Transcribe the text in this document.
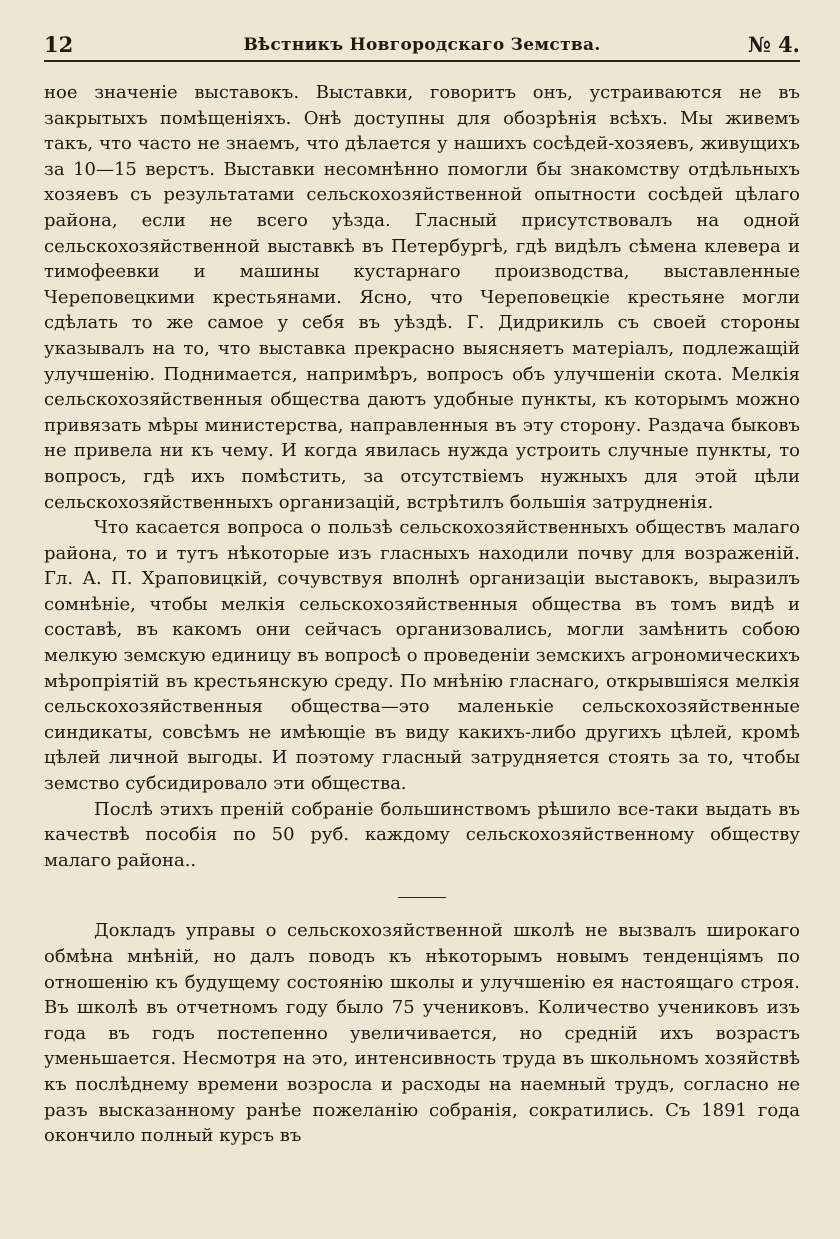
12	Вѣстникъ Новгородскаго Земства.	№ 4.

ное значеніе выставокъ. Выставки, говоритъ онъ, устраиваются не въ закрытыхъ помѣщеніяхъ. Онѣ доступны для обозрѣнія всѣхъ. Мы живемъ такъ, что часто не знаемъ, что дѣлается у нашихъ сосѣдей-хозяевъ, живущихъ за 10—15 верстъ. Выставки несомнѣнно помогли бы знакомству отдѣльныхъ хозяевъ съ результатами сельскохозяйственной опытности сосѣдей цѣлаго района, если не всего уѣзда. Гласный присутствовалъ на одной сельскохозяйственной выставкѣ въ Петербургѣ, гдѣ видѣлъ сѣмена клевера и тимофеевки и машины кустарнаго производства, выставленные Череповецкими крестьянами. Ясно, что Череповецкіе крестьяне могли сдѣлать то же самое у себя въ уѣздѣ. Г. Дидрикиль съ своей стороны указывалъ на то, что выставка прекрасно выясняетъ матеріалъ, подлежащій улучшенію. Поднимается, напримѣръ, вопросъ объ улучшеніи скота. Мелкія сельскохозяйственныя общества даютъ удобные пункты, къ которымъ можно привязать мѣры министерства, направленныя въ эту сторону. Раздача быковъ не привела ни къ чему. И когда явилась нужда устроить случные пункты, то вопросъ, гдѣ ихъ помѣстить, за отсутствіемъ нужныхъ для этой цѣли сельскохозяйственныхъ организацій, встрѣтилъ большія затрудненія.

Что касается вопроса о пользѣ сельскохозяйственныхъ обществъ малаго района, то и тутъ нѣкоторые изъ гласныхъ находили почву для возраженій. Гл. А. П. Храповицкій, сочувствуя вполнѣ организаціи выставокъ, выразилъ сомнѣніе, чтобы мелкія сельскохозяйственныя общества въ томъ видѣ и составѣ, въ какомъ они сейчасъ организовались, могли замѣнить собою мелкую земскую единицу въ вопросѣ о проведеніи земскихъ агрономическихъ мѣропріятій въ крестьянскую среду. По мнѣнію гласнаго, открывшіяся мелкія сельскохозяйственныя общества—это маленькіе сельскохозяйственные синдикаты, совсѣмъ не имѣющіе въ виду какихъ-либо другихъ цѣлей, кромѣ цѣлей личной выгоды. И поэтому гласный затрудняется стоять за то, чтобы земство субсидировало эти общества.

Послѣ этихъ преній собраніе большинствомъ рѣшило все-таки выдать въ качествѣ пособія по 50 руб. каждому сельскохозяйственному обществу малаго района..

Докладъ управы о сельскохозяйственной школѣ не вызвалъ широкаго обмѣна мнѣній, но далъ поводъ къ нѣкоторымъ новымъ тенденціямъ по отношенію къ будущему состоянію школы и улучшенію ея настоящаго строя. Въ школѣ въ отчетномъ году было 75 учениковъ. Количество учениковъ изъ года въ годъ постепенно увеличивается, но средній ихъ возрастъ уменьшается. Несмотря на это, интенсивность труда въ школьномъ хозяйствѣ къ послѣднему времени возросла и расходы на наемный трудъ, согласно не разъ высказанному ранѣе пожеланію собранія, сократились. Съ 1891 года окончило полный курсъ въ
